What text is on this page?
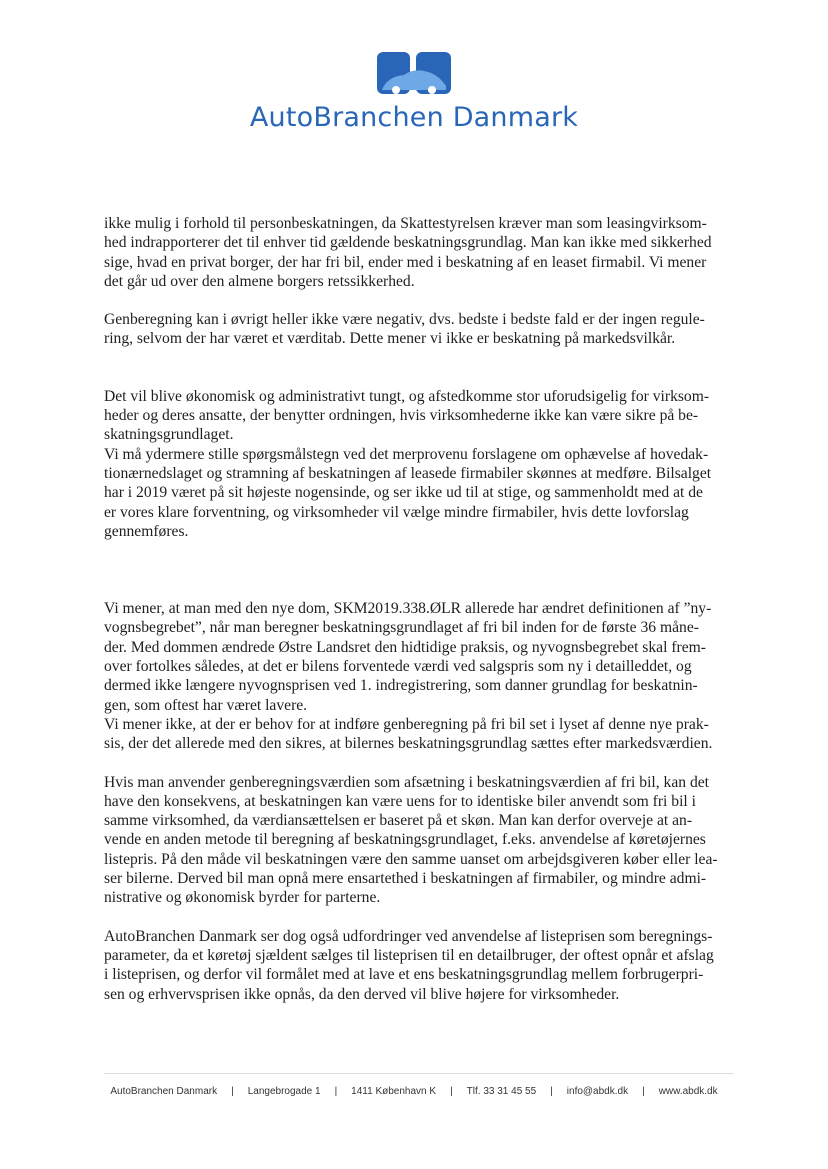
AutoBranchen Danmark

ikke mulig i forhold til personbeskatningen, da Skattestyrelsen kræver man som leasingvirksom-
hed indrapporterer det til enhver tid gældende beskatningsgrundlag. Man kan ikke med sikkerhed
sige, hvad en privat borger, der har fri bil, ender med i beskatning af en leaset firmabil. Vi mener
det går ud over den almene borgers retssikkerhed.

Genberegning kan i øvrigt heller ikke være negativ, dvs. bedste i bedste fald er der ingen regule-
ring, selvom der har været et værditab. Dette mener vi ikke er beskatning på markedsvilkår.

Det vil blive økonomisk og administrativt tungt, og afstedkomme stor uforudsigelig for virksom-
heder og deres ansatte, der benytter ordningen, hvis virksomhederne ikke kan være sikre på be-
skatningsgrundlaget.
Vi må ydermere stille spørgsmålstegn ved det merprovenu forslagene om ophævelse af hovedak-
tionærnedslaget og stramning af beskatningen af leasede firmabiler skønnes at medføre. Bilsalget
har i 2019 været på sit højeste nogensinde, og ser ikke ud til at stige, og sammenholdt med at de
er vores klare forventning, og virksomheder vil vælge mindre firmabiler, hvis dette lovforslag
gennemføres.

Vi mener, at man med den nye dom, SKM2019.338.ØLR allerede har ændret definitionen af ”ny-
vognsbegrebet”, når man beregner beskatningsgrundlaget af fri bil inden for de første 36 måne-
der. Med dommen ændrede Østre Landsret den hidtidige praksis, og nyvognsbegrebet skal frem-
over fortolkes således, at det er bilens forventede værdi ved salgspris som ny i detailleddet, og
dermed ikke længere nyvognsprisen ved 1. indregistrering, som danner grundlag for beskatnin-
gen, som oftest har været lavere.
Vi mener ikke, at der er behov for at indføre genberegning på fri bil set i lyset af denne nye prak-
sis, der det allerede med den sikres, at bilernes beskatningsgrundlag sættes efter markedsværdien.

Hvis man anvender genberegningsværdien som afsætning i beskatningsværdien af fri bil, kan det
have den konsekvens, at beskatningen kan være uens for to identiske biler anvendt som fri bil i
samme virksomhed, da værdiansættelsen er baseret på et skøn. Man kan derfor overveje at an-
vende en anden metode til beregning af beskatningsgrundlaget, f.eks. anvendelse af køretøjernes
listepris. På den måde vil beskatningen være den samme uanset om arbejdsgiveren køber eller lea-
ser bilerne. Derved bil man opnå mere ensartethed i beskatningen af firmabiler, og mindre admi-
nistrative og økonomisk byrder for parterne.

AutoBranchen Danmark ser dog også udfordringer ved anvendelse af listeprisen som beregnings-
parameter, da et køretøj sjældent sælges til listeprisen til en detailbruger, der oftest opnår et afslag
i listeprisen, og derfor vil formålet med at lave et ens beskatningsgrundlag mellem forbrugerpri-
sen og erhvervsprisen ikke opnås, da den derved vil blive højere for virksomheder.

AutoBranchen Danmark | Langebrogade 1 | 1411 København K | Tlf. 33 31 45 55 | info@abdk.dk | www.abdk.dk
